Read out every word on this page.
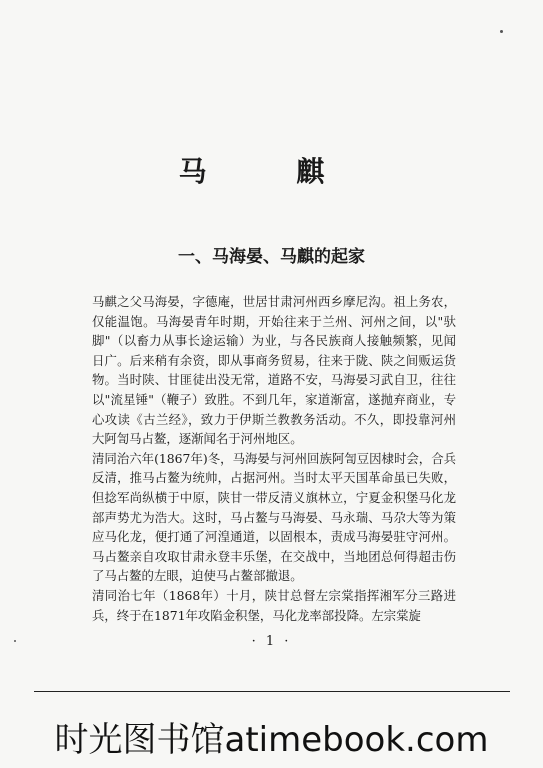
马 麒
一、马海晏、马麒的起家

马麒之父马海晏，字德庵，世居甘肃河州西乡摩尼沟。祖上务农，仅能温饱。马海晏青年时期，开始往来于兰州、河州之间，以"驮脚"（以畜力从事长途运输）为业，与各民族商人接触频繁，见闻日广。后来稍有余资，即从事商务贸易，往来于陇、陕之间贩运货物。当时陕、甘匪徒出没无常，道路不安，马海晏习武自卫，往往以"流星锤"（鞭子）致胜。不到几年，家道渐富，遂抛弃商业，专心攻读《古兰经》，致力于伊斯兰教教务活动。不久，即投靠河州大阿訇马占鳌，逐渐闻名于河州地区。

清同治六年(1867年)冬，马海晏与河州回族阿訇豆因棣时会，合兵反清，推马占鳌为统帅，占据河州。当时太平天国革命虽已失败，但捻军尚纵横于中原，陕甘一带反清义旗林立，宁夏金积堡马化龙部声势尤为浩大。这时，马占鳌与马海晏、马永瑞、马尕大等为策应马化龙，便打通了河湟通道，以固根本，责成马海晏驻守河州。马占鳌亲自攻取甘肃永登丰乐堡，在交战中，当地团总何得超击伤了马占鳌的左眼，迫使马占鳌部撤退。

清同治七年（1868年）十月，陕甘总督左宗棠指挥湘军分三路进兵，终于在1871年攻陷金积堡，马化龙率部投降。左宗棠旋

· 1 ·
时光图书馆atimebook.com
